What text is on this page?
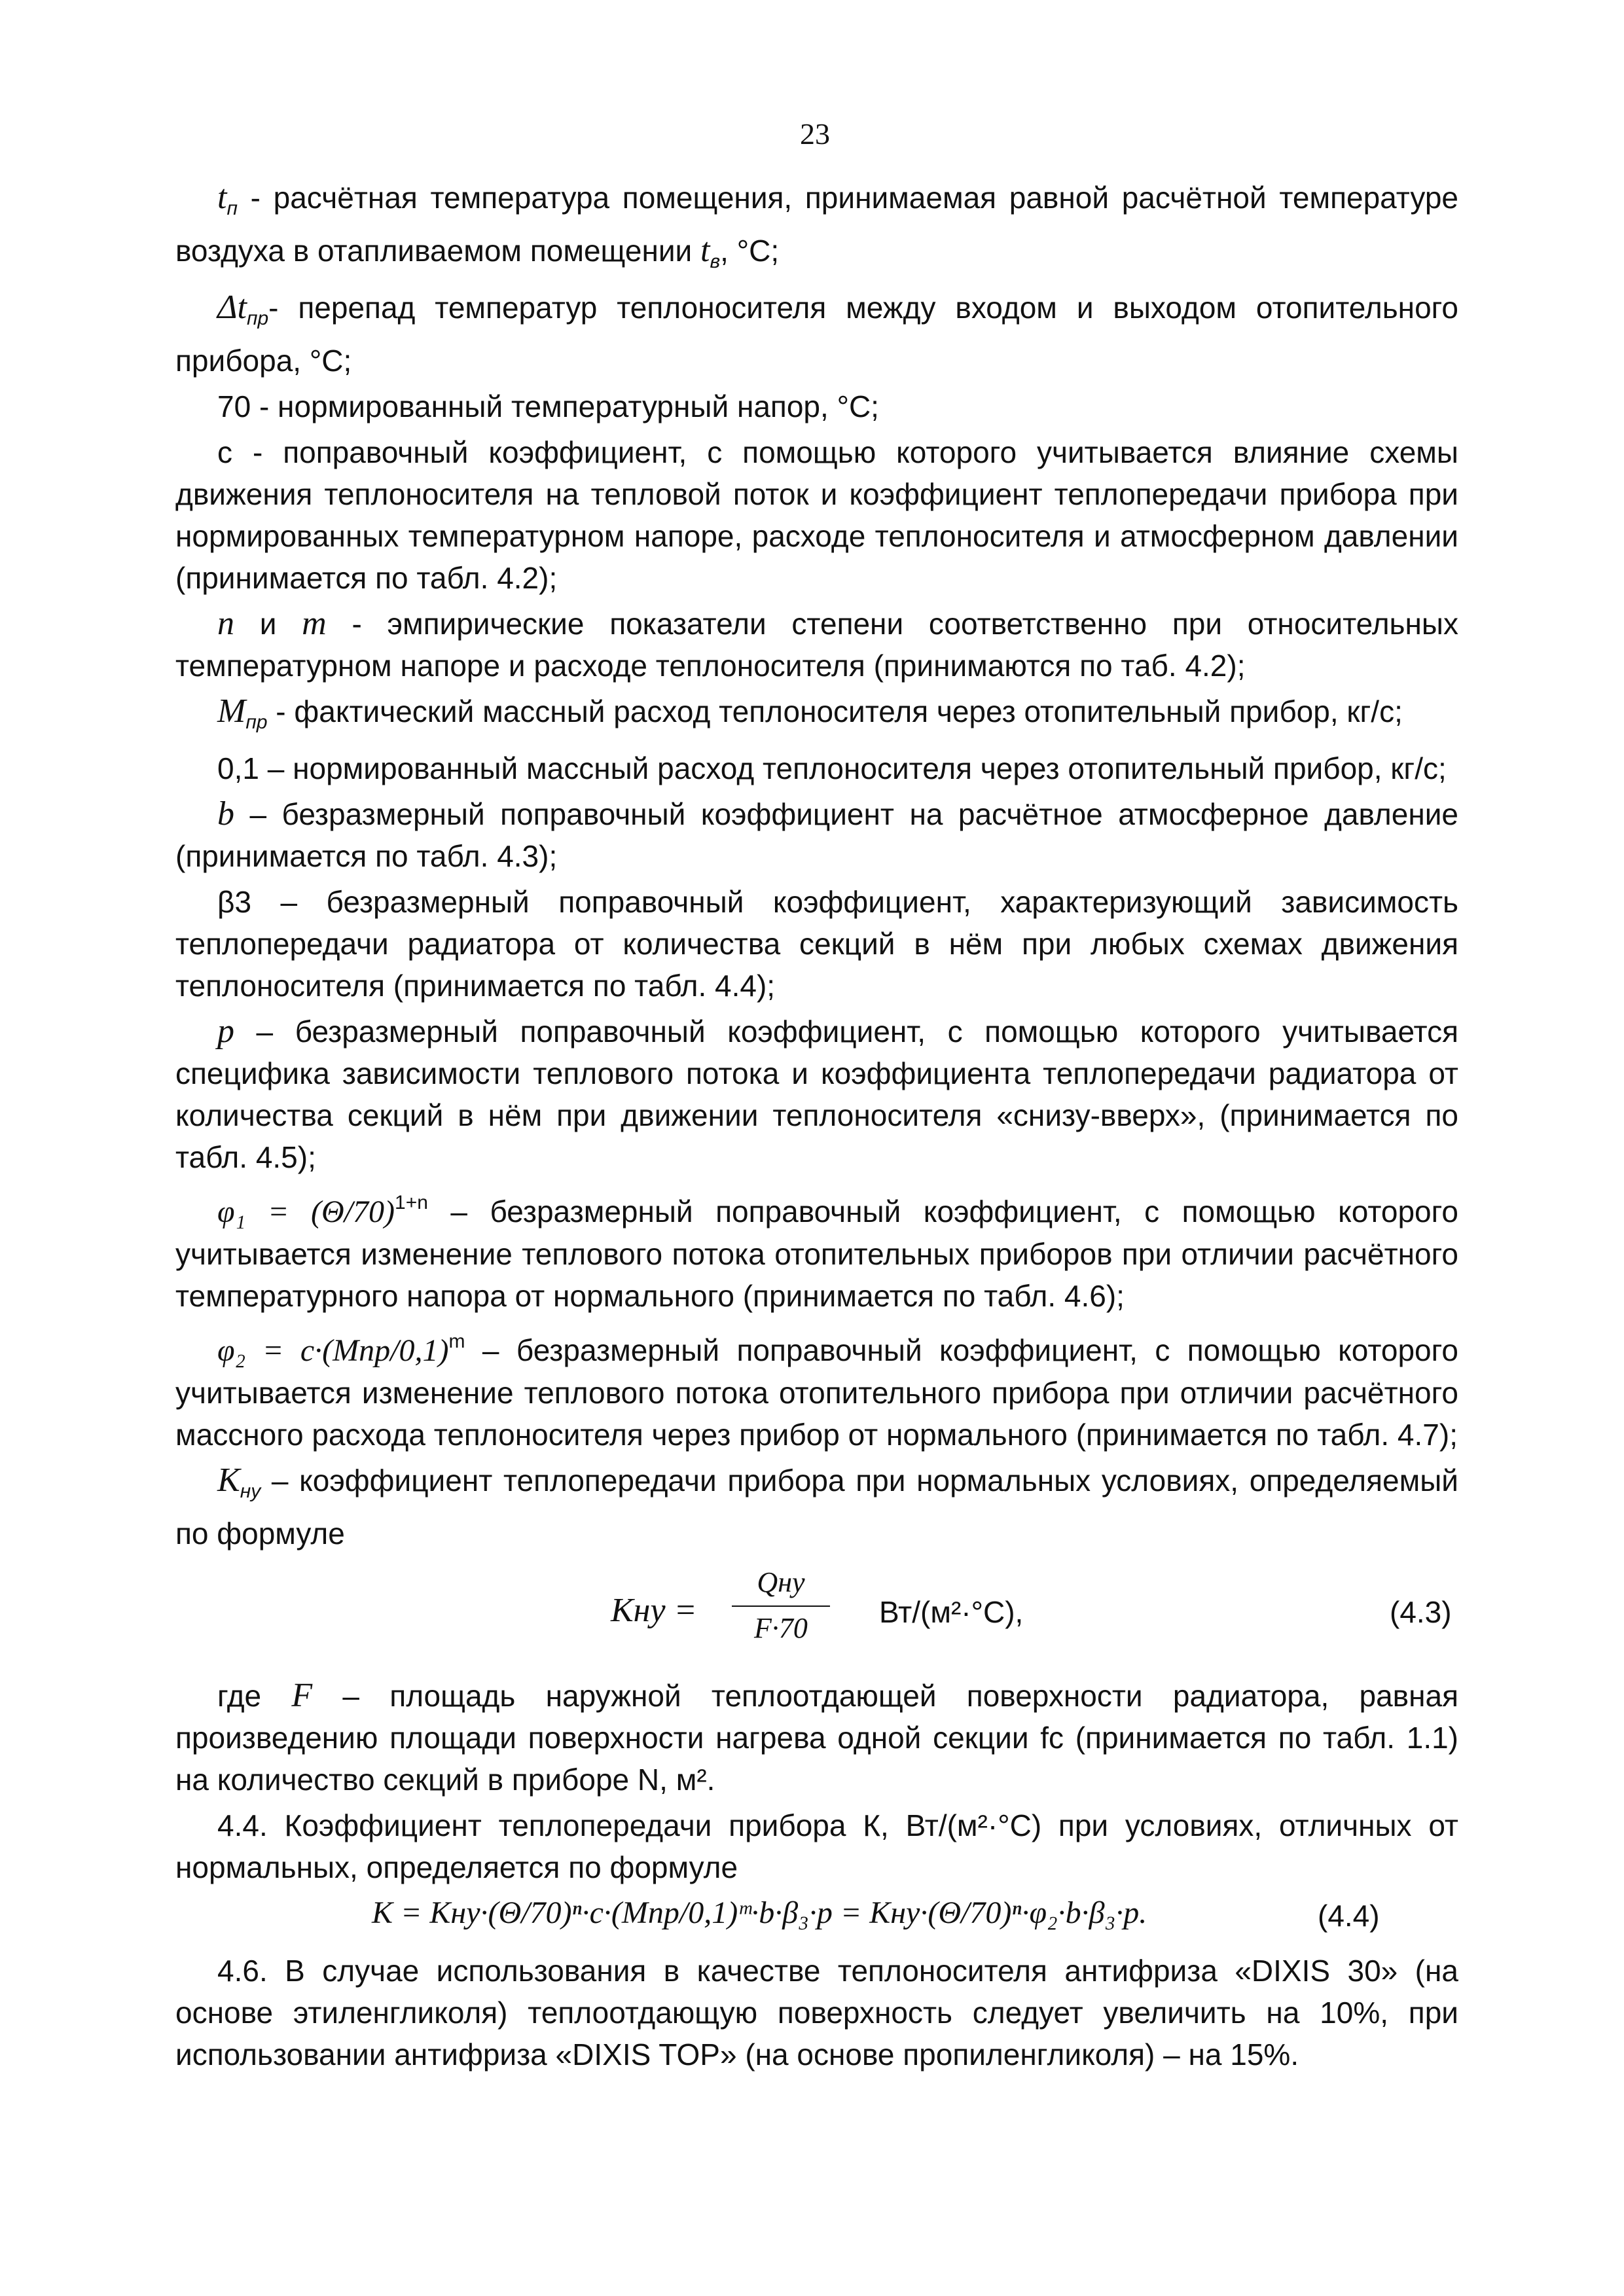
23

$t_п$ - расчётная температура помещения, принимаемая равной расчётной температуре воздуха в отапливаемом помещении $t_в$, °С;

$\Delta t_{пр}-$ перепад температур теплоносителя между входом и выходом отопительного прибора, °С;

70 - нормированный температурный напор, °С;

с - поправочный коэффициент, с помощью которого учитывается влияние схемы движения теплоносителя на тепловой поток и коэффициент теплопередачи прибора при нормированных температурном напоре, расходе теплоносителя и атмосферном давлении (принимается по табл. 4.2);

n и m - эмпирические показатели степени соответственно при относительных температурном напоре и расходе теплоносителя (принимаются по таб. 4.2);

$M_{пр}$ - фактический массный расход теплоносителя через отопительный прибор, кг/с;

0,1 – нормированный массный расход теплоносителя через отопительный прибор, кг/с;

b – безразмерный поправочный коэффициент на расчётное атмосферное давление (принимается по табл. 4.3);

β3 – безразмерный поправочный коэффициент, характеризующий зависимость теплопередачи радиатора от количества секций в нём при любых схемах движения теплоносителя (принимается по табл. 4.4);

р – безразмерный поправочный коэффициент, с помощью которого учитывается специфика зависимости теплового потока и коэффициента теплопередачи радиатора от количества секций в нём при движении теплоносителя «снизу-вверх», (принимается по табл. 4.5);

$\varphi_1 = (\Theta/70)^{1+n}$ – безразмерный поправочный коэффициент, с помощью которого учитывается изменение теплового потока отопительных приборов при отличии расчётного температурного напора от нормального (принимается по табл. 4.6);

$\varphi_2 = c\cdot(Mпр/0,1)^m$ – безразмерный поправочный коэффициент, с помощью которого учитывается изменение теплового потока отопительного прибора при отличии расчётного массного расхода теплоносителя через прибор от нормального (принимается по табл. 4.7);

$K_{ну}$ – коэффициент теплопередачи прибора при нормальных условиях, определяемый по формуле

Kну =
Qну
F·70	Вт/(м²·°С),	(4.3)

где F – площадь наружной теплоотдающей поверхности радиатора, равная произведению площади поверхности нагрева одной секции fс (принимается по табл. 1.1) на количество секций в приборе N, м².

4.4. Коэффициент теплопередачи прибора К, Вт/(м²·°С) при условиях, отличных от нормальных, определяется по формуле

K = Kну·(Θ/70)ⁿ·c·(Mпр/0,1)ᵐ·b·β₃·p = Kну·(Θ/70)ⁿ·φ₂·b·β₃·p.	(4.4)

4.6. В случае использования в качестве теплоносителя антифриза «DIXIS 30» (на основе этиленгликоля) теплоотдающую поверхность следует увеличить на 10%, при использовании антифриза «DIXIS TOP» (на основе пропиленгликоля) – на 15%.
